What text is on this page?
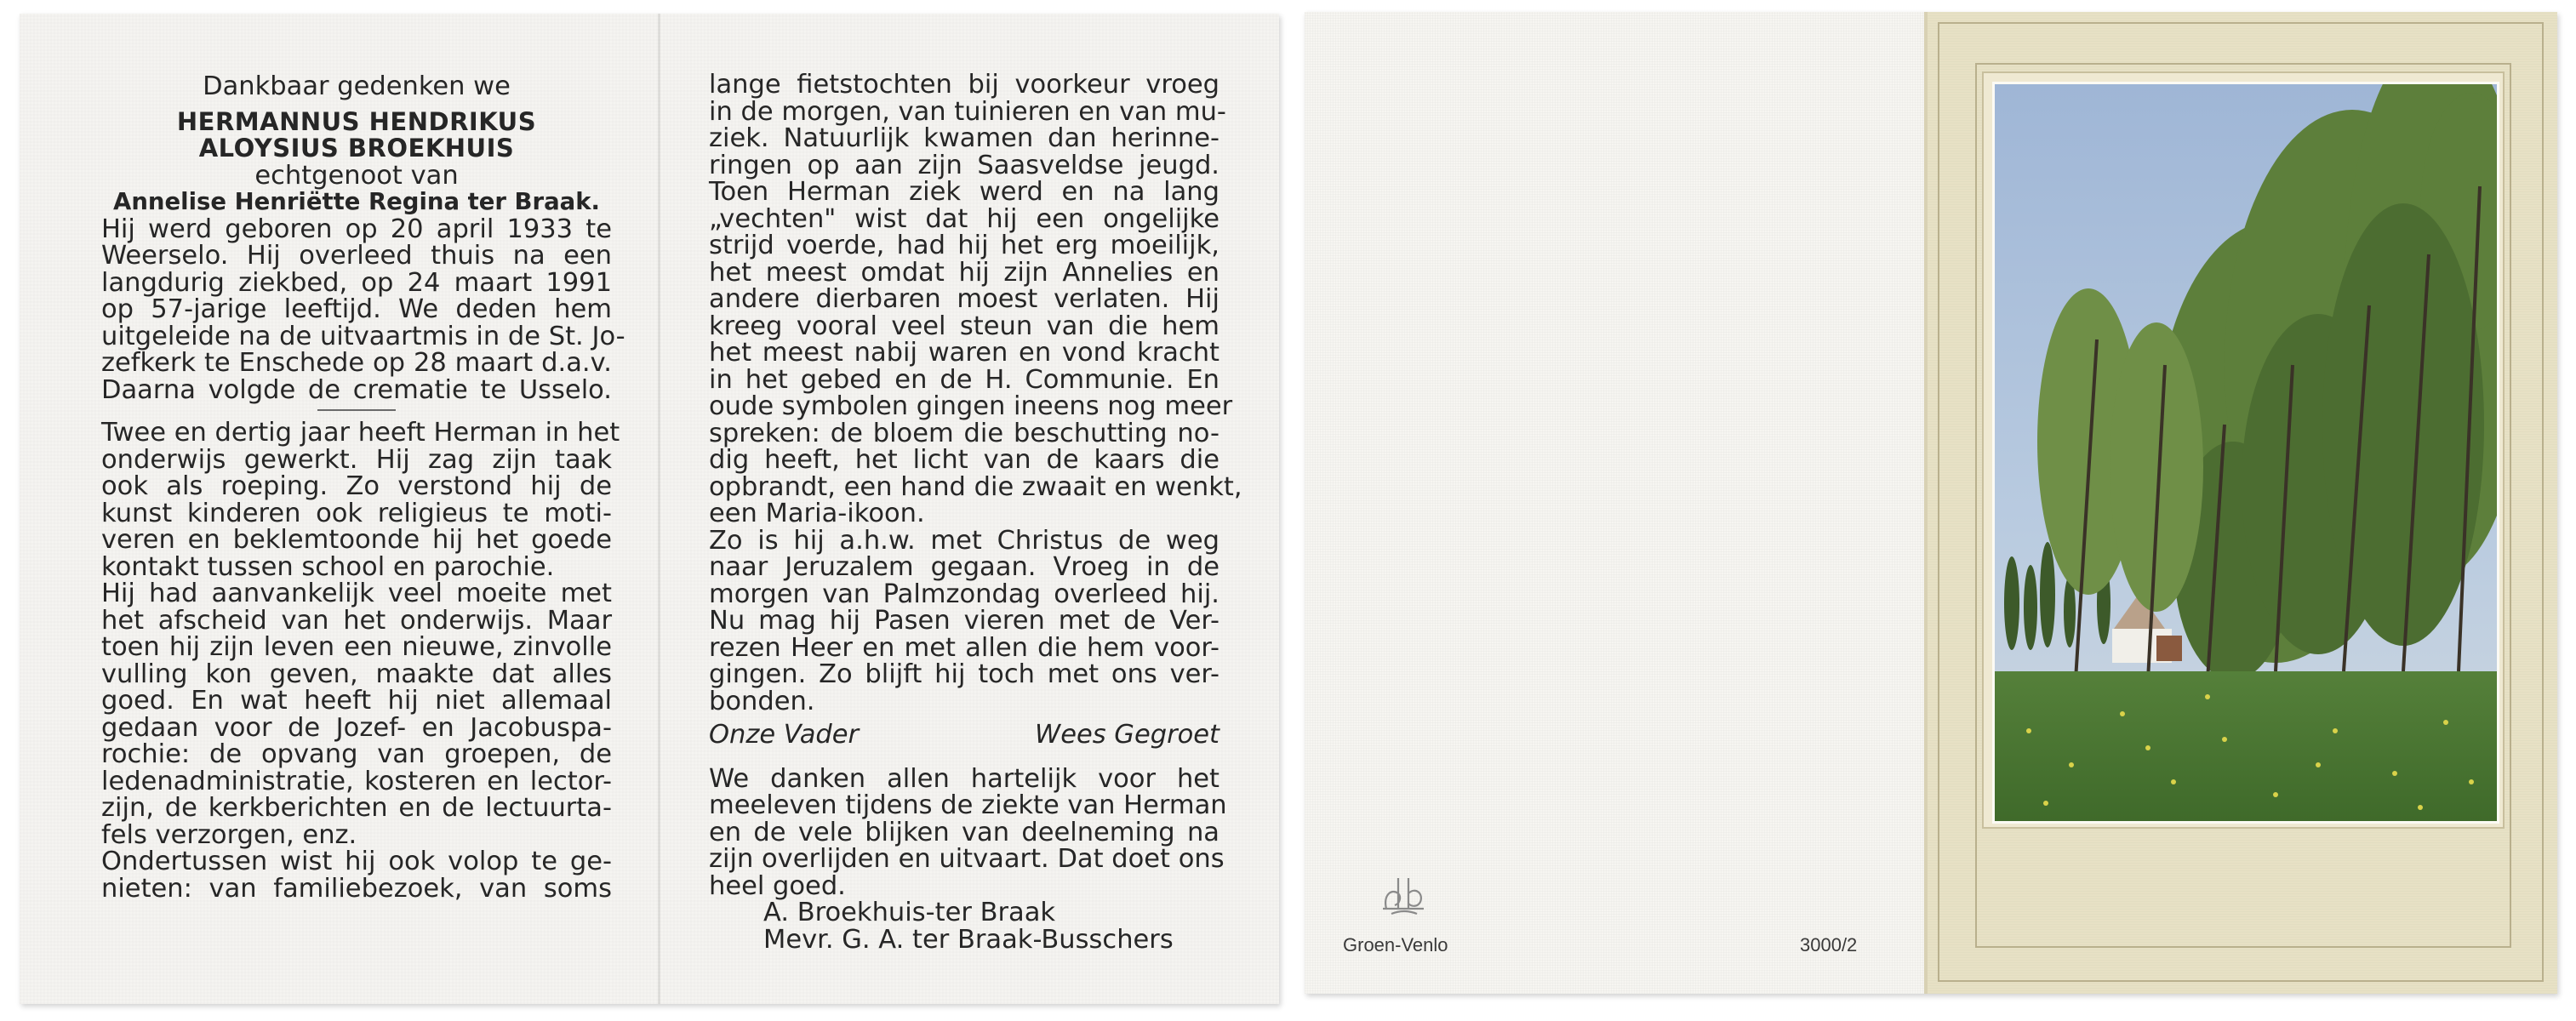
Dankbaar gedenken we
HERMANNUS HENDRIKUS
ALOYSIUS BROEKHUIS
echtgenoot van
Annelise Henriëtte Regina ter Braak.
Hij werd geboren op 20 april 1933 te
Weerselo. Hij overleed thuis na een
langdurig ziekbed, op 24 maart 1991
op 57-jarige leeftijd. We deden hem
uitgeleide na de uitvaartmis in de St. Jo-
zefkerk te Enschede op 28 maart d.a.v.
Daarna volgde de crematie te Usselo.
Twee en dertig jaar heeft Herman in het
onderwijs gewerkt. Hij zag zijn taak
ook als roeping. Zo verstond hij de
kunst kinderen ook religieus te moti-
veren en beklemtoonde hij het goede
kontakt tussen school en parochie.
Hij had aanvankelijk veel moeite met
het afscheid van het onderwijs. Maar
toen hij zijn leven een nieuwe, zinvolle
vulling kon geven, maakte dat alles
goed. En wat heeft hij niet allemaal
gedaan voor de Jozef- en Jacobuspa-
rochie: de opvang van groepen, de
ledenadministratie, kosteren en lector-
zijn, de kerkberichten en de lectuurta-
fels verzorgen, enz.
Ondertussen wist hij ook volop te ge-
nieten: van familiebezoek, van soms
lange fietstochten bij voorkeur vroeg
in de morgen, van tuinieren en van mu-
ziek. Natuurlijk kwamen dan herinne-
ringen op aan zijn Saasveldse jeugd.
Toen Herman ziek werd en na lang
„vechten" wist dat hij een ongelijke
strijd voerde, had hij het erg moeilijk,
het meest omdat hij zijn Annelies en
andere dierbaren moest verlaten. Hij
kreeg vooral veel steun van die hem
het meest nabij waren en vond kracht
in het gebed en de H. Communie. En
oude symbolen gingen ineens nog meer
spreken: de bloem die beschutting no-
dig heeft, het licht van de kaars die
opbrandt, een hand die zwaait en wenkt,
een Maria-ikoon.
Zo is hij a.h.w. met Christus de weg
naar Jeruzalem gegaan. Vroeg in de
morgen van Palmzondag overleed hij.
Nu mag hij Pasen vieren met de Ver-
rezen Heer en met allen die hem voor-
gingen. Zo blijft hij toch met ons ver-
bonden.
Onze Vader	Wees Gegroet
We danken allen hartelijk voor het
meeleven tijdens de ziekte van Herman
en de vele blijken van deelneming na
zijn overlijden en uitvaart. Dat doet ons
heel goed.
A. Broekhuis-ter Braak
Mevr. G. A. ter Braak-Busschers	Groen-Venlo	3000/2
